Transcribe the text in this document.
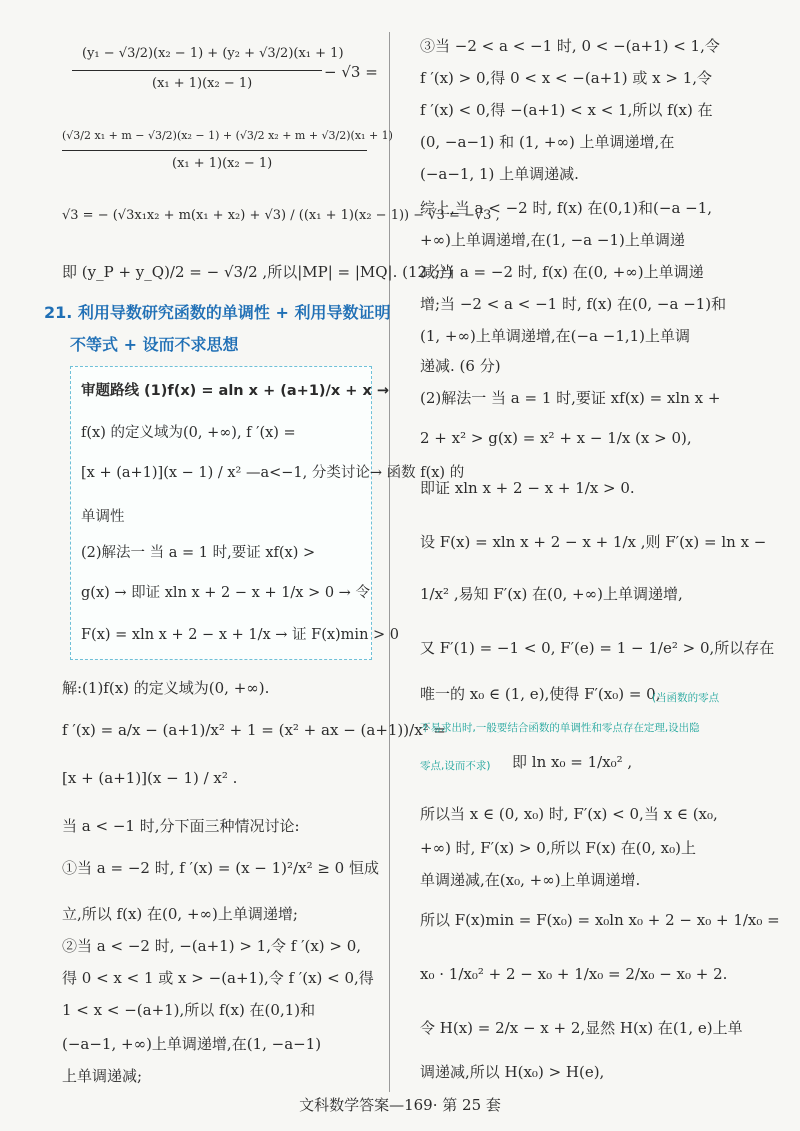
(y₁ − √3/2)(x₂ − 1) + (y₂ + √3/2)(x₁ + 1)
(x₁ + 1)(x₂ − 1)
− √3 =
(√3/2 x₁ + m − √3/2)(x₂ − 1) + (√3/2 x₂ + m + √3/2)(x₁ + 1)
(x₁ + 1)(x₂ − 1)
√3 = − (√3x₁x₂ + m(x₁ + x₂) + √3) / ((x₁ + 1)(x₂ − 1)) − √3 = −√3 ,
即 (y_P + y_Q)/2 = − √3/2 ,所以|MP| = |MQ|. (12 分)
21. 利用导数研究函数的单调性 + 利用导数证明
不等式 + 设而不求思想
审题路线 (1)f(x) = aln x + (a+1)/x + x →
f(x) 的定义域为(0, +∞), f ′(x) =
[x + (a+1)](x − 1) / x² —a<−1, 分类讨论→ 函数 f(x) 的
单调性
(2)解法一 当 a = 1 时,要证 xf(x) >
g(x) → 即证 xln x + 2 − x + 1/x > 0 → 令
F(x) = xln x + 2 − x + 1/x → 证 F(x)min > 0
解:(1)f(x) 的定义域为(0, +∞).
f ′(x) = a/x − (a+1)/x² + 1 = (x² + ax − (a+1))/x² =
[x + (a+1)](x − 1) / x² .
当 a < −1 时,分下面三种情况讨论:
①当 a = −2 时, f ′(x) = (x − 1)²/x² ≥ 0 恒成
立,所以 f(x) 在(0, +∞)上单调递增;
②当 a < −2 时, −(a+1) > 1,令 f ′(x) > 0,
得 0 < x < 1 或 x > −(a+1),令 f ′(x) < 0,得
1 < x < −(a+1),所以 f(x) 在(0,1)和
(−a−1, +∞)上单调递增,在(1, −a−1)
上单调递减;
③当 −2 < a < −1 时, 0 < −(a+1) < 1,令
f ′(x) > 0,得 0 < x < −(a+1) 或 x > 1,令
f ′(x) < 0,得 −(a+1) < x < 1,所以 f(x) 在
(0, −a−1) 和 (1, +∞) 上单调递增,在
(−a−1, 1) 上单调递减.
综上,当 a < −2 时, f(x) 在(0,1)和(−a −1,
+∞)上单调递增,在(1, −a −1)上单调递
减;当 a = −2 时, f(x) 在(0, +∞)上单调递
增;当 −2 < a < −1 时, f(x) 在(0, −a −1)和
(1, +∞)上单调递增,在(−a −1,1)上单调
递减. (6 分)
(2)解法一 当 a = 1 时,要证 xf(x) = xln x +
2 + x² > g(x) = x² + x − 1/x (x > 0),
即证 xln x + 2 − x + 1/x > 0.
设 F(x) = xln x + 2 − x + 1/x ,则 F′(x) = ln x −
1/x² ,易知 F′(x) 在(0, +∞)上单调递增,
又 F′(1) = −1 < 0, F′(e) = 1 − 1/e² > 0,所以存在
唯一的 x₀ ∈ (1, e),使得 F′(x₀) = 0,
(当函数的零点
不易求出时,一般要结合函数的单调性和零点存在定理,设出隐
零点,设而不求) 即 ln x₀ = 1/x₀² ,
所以当 x ∈ (0, x₀) 时, F′(x) < 0,当 x ∈ (x₀,
+∞) 时, F′(x) > 0,所以 F(x) 在(0, x₀)上
单调递减,在(x₀, +∞)上单调递增.
所以 F(x)min = F(x₀) = x₀ln x₀ + 2 − x₀ + 1/x₀ =
x₀ · 1/x₀² + 2 − x₀ + 1/x₀ = 2/x₀ − x₀ + 2.
令 H(x) = 2/x − x + 2,显然 H(x) 在(1, e)上单
调递减,所以 H(x₀) > H(e),
文科数学答案—169· 第 25 套
